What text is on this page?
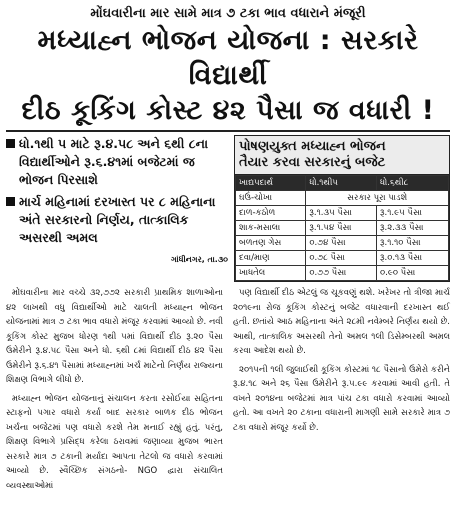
મોંઘવારીના માર સામે માત્ર ૭ ટકા ભાવ વધારાને મંજૂરી
મધ્યાહ્ન ભોજન યોજના : સરકારે વિદ્યાર્થી
દીઠ કૂકિંગ કોસ્ટ ૪૨ પૈસા જ વધારી !
ધો.૧થી ૫ માટે રૂ.૪.૫૮ અને ૬થી ૮ના વિદ્યાર્થીઓને રૂ.૬.૪૧માં બજેટમાં જ ભોજન પિરસાશે
માર્ચ મહિનામાં દરખાસ્ત પર ૮ મહિનાના અંતે સરકારનો નિર્ણય, તાત્કાલિક અસરથી અમલ
ગાંધીનગર, તા.૩૦
પોષણયુક્ત મધ્યાહ્ન ભોજન
તૈયાર કરવા સરકારનું બજેટ
ખાદ્યપદાર્થ	ધો.૧થી૫	ધો.૬થી૮
ઘઉં-ચોખા	સરકાર પૂરા પાડશે	
દાળ-કઠોળ	રૂ.૧.૩૫ પૈસા	રૂ.૧.૯૫ પૈસા
શાક-મસાલા	રૂ.૧.૫૪ પૈસા	રૂ.૨.૩૩ પૈસા
બળતણ ગેસ	૦.૭૪ પૈસા	રૂ.૧.૧૦ પૈસા
દવા/માણ	૦.૭૮ પૈસા	રૂ.૦.૧૩ પૈસા
ખાધતેલ	૦.૭૭ પૈસા	૦.૯૦ પૈસા

મોંઘવારીના માર વચ્ચે ૩૨,૭૭૨ સરકારી પ્રાથમિક શાળાઓના ૪૨ લાખથી વધુ વિદ્યાર્થીઓ માટે ચાલતી મધ્યાહ્ન ભોજન યોજનામાં માત્ર ૭ ટકા ભાવ વધારો મંજૂર કરવામાં આવ્યો છે. નવી કૂકિંગ કોસ્ટ મુજબ ધોરણ ૧થી ૫માં વિદ્યાર્થી દીઠ રૂ.૨૦ પૈસા ઉમેરીને રૂ.૪.૫૮ પૈસા અને ધો. ૬થી ૮માં વિદ્યાર્થી દીઠ ૪૨ પૈસા ઉમેરીને રૂ.૬.૪૧ પૈસામાં મધ્યાહ્નમાં ખર્ચ માટેનો નિર્ણય રાજ્યના શિક્ષણ વિભાગે લીધો છે.

મધ્યાહ્ન ભોજન યોજનાનું સંચાલન કરતા રસોઈયા સહિતના સ્ટાફનો પગાર વધારો કર્યા બાદ સરકાર બાળક દીઠ ભોજન ખર્ચના બજેટમાં પણ વધારો કરશે તેમ મનાઈ રહ્યું હતું. પરંતુ, શિક્ષણ વિભાગે પ્રસિદ્ધ કરેલા ઠરાવમાં જણાવ્યા મુજબ ભારત સરકારે માત્ર ૭ ટકાની મર્યાદા આપતા તેટલો જ વધારો કરવામાં આવ્યો છે. સ્વૈચ્છિક સંગઠનો- NGO દ્વારા સંચાલિત વ્યવસ્થાઓમાં

પણ વિદ્યાર્થી દીઠ એટલું જ ચૂકવણું થશે. ખરેખર તો ત્રીજા માર્ચ ૨૦૧૯ના રોજ કૂકિંગ કોસ્ટનું બજેટ વધારવાની દરખાસ્ત થઈ હતી. છતાંયે આઠ મહિનાના અંતે ૨૮મી નવેમ્બરે નિર્ણય થયો છે. આથી, તાત્કાલિક અસરથી તેનો અમલ ૧લી ડિસેમ્બરથી અમલ કરવા આદેશ થયો છે.

૨૦૧૫ની ૧લી જુલાઈથી કૂકિંગ કોસ્ટમાં ૧૮ પૈસાનો ઉમેરો કરીને રૂ.૪.૧૮ અને ૨૬ પૈસા ઉમેરીને રૂ.૫.૯૯ કરવામાં આવી હતી. તે વખતે ૨૦૧૪ના બજેટમાં માત્ર પાંચ ટકા વધારો કરવામાં આવ્યો હતો. આ વખતે ૨૦ ટકાના વધારાની માગણી સામે સરકારે માત્ર ૭ ટકા વધારો મંજૂર કર્યો છે.
